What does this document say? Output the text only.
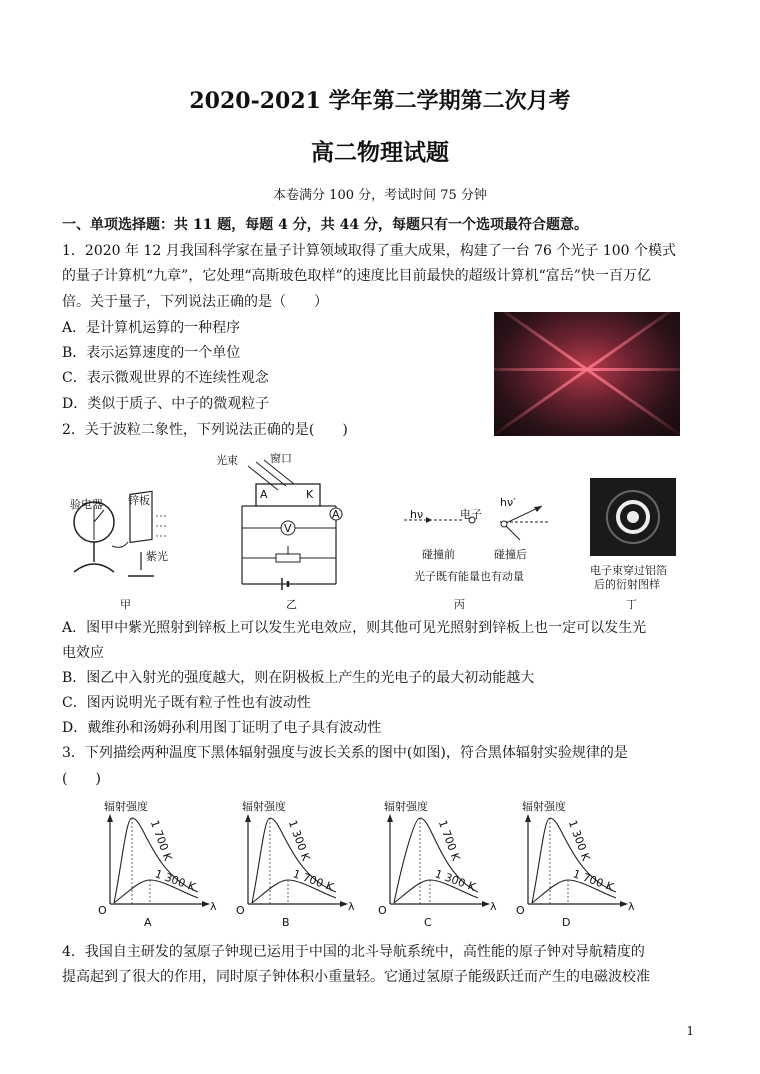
2020-2021 学年第二学期第二次月考
高二物理试题
本卷满分 100 分，考试时间 75 分钟
一、单项选择题：共 11 题，每题 4 分，共 44 分，每题只有一个选项最符合题意。
1．2020 年 12 月我国科学家在量子计算领域取得了重大成果，构建了一台 76 个光子 100 个模式
的量子计算机“九章”，它处理“高斯玻色取样”的速度比目前最快的超级计算机“富岳”快一百万亿
倍。关于量子，下列说法正确的是（　　）
A．是计算机运算的一种程序
B．表示运算速度的一个单位
C．表示微观世界的不连续性观念
D．类似于质子、中子的微观粒子
2．关于波粒二象性，下列说法正确的是(　　)
验电器 锌板
紫光
甲
光束	窗口
A	K
V
A
乙
hν
hν′
电子
碰撞前	碰撞后
光子既有能量也有动量
丙
电子束穿过铝箔
后的衍射图样
丁
A．图甲中紫光照射到锌板上可以发生光电效应，则其他可见光照射到锌板上也一定可以发生光
电效应
B．图乙中入射光的强度越大，则在阴极板上产生的光电子的最大初动能越大
C．图丙说明光子既有粒子性也有波动性
D．戴维孙和汤姆孙利用图丁证明了电子具有波动性
3．下列描绘两种温度下黑体辐射强度与波长关系的图中(如图)，符合黑体辐射实验规律的是
(　　)
辐射强度
1 700 K
1 300 K
O	λ
A
辐射强度
1 300 K
1 700 K
O	λ
B
辐射强度
1 700 K
1 300 K
O	λ
C
辐射强度
1 300 K
1 700 K
O	λ
D
4．我国自主研发的氢原子钟现已运用于中国的北斗导航系统中，高性能的原子钟对导航精度的
提高起到了很大的作用，同时原子钟体积小重量轻。它通过氢原子能级跃迁而产生的电磁波校准
1
